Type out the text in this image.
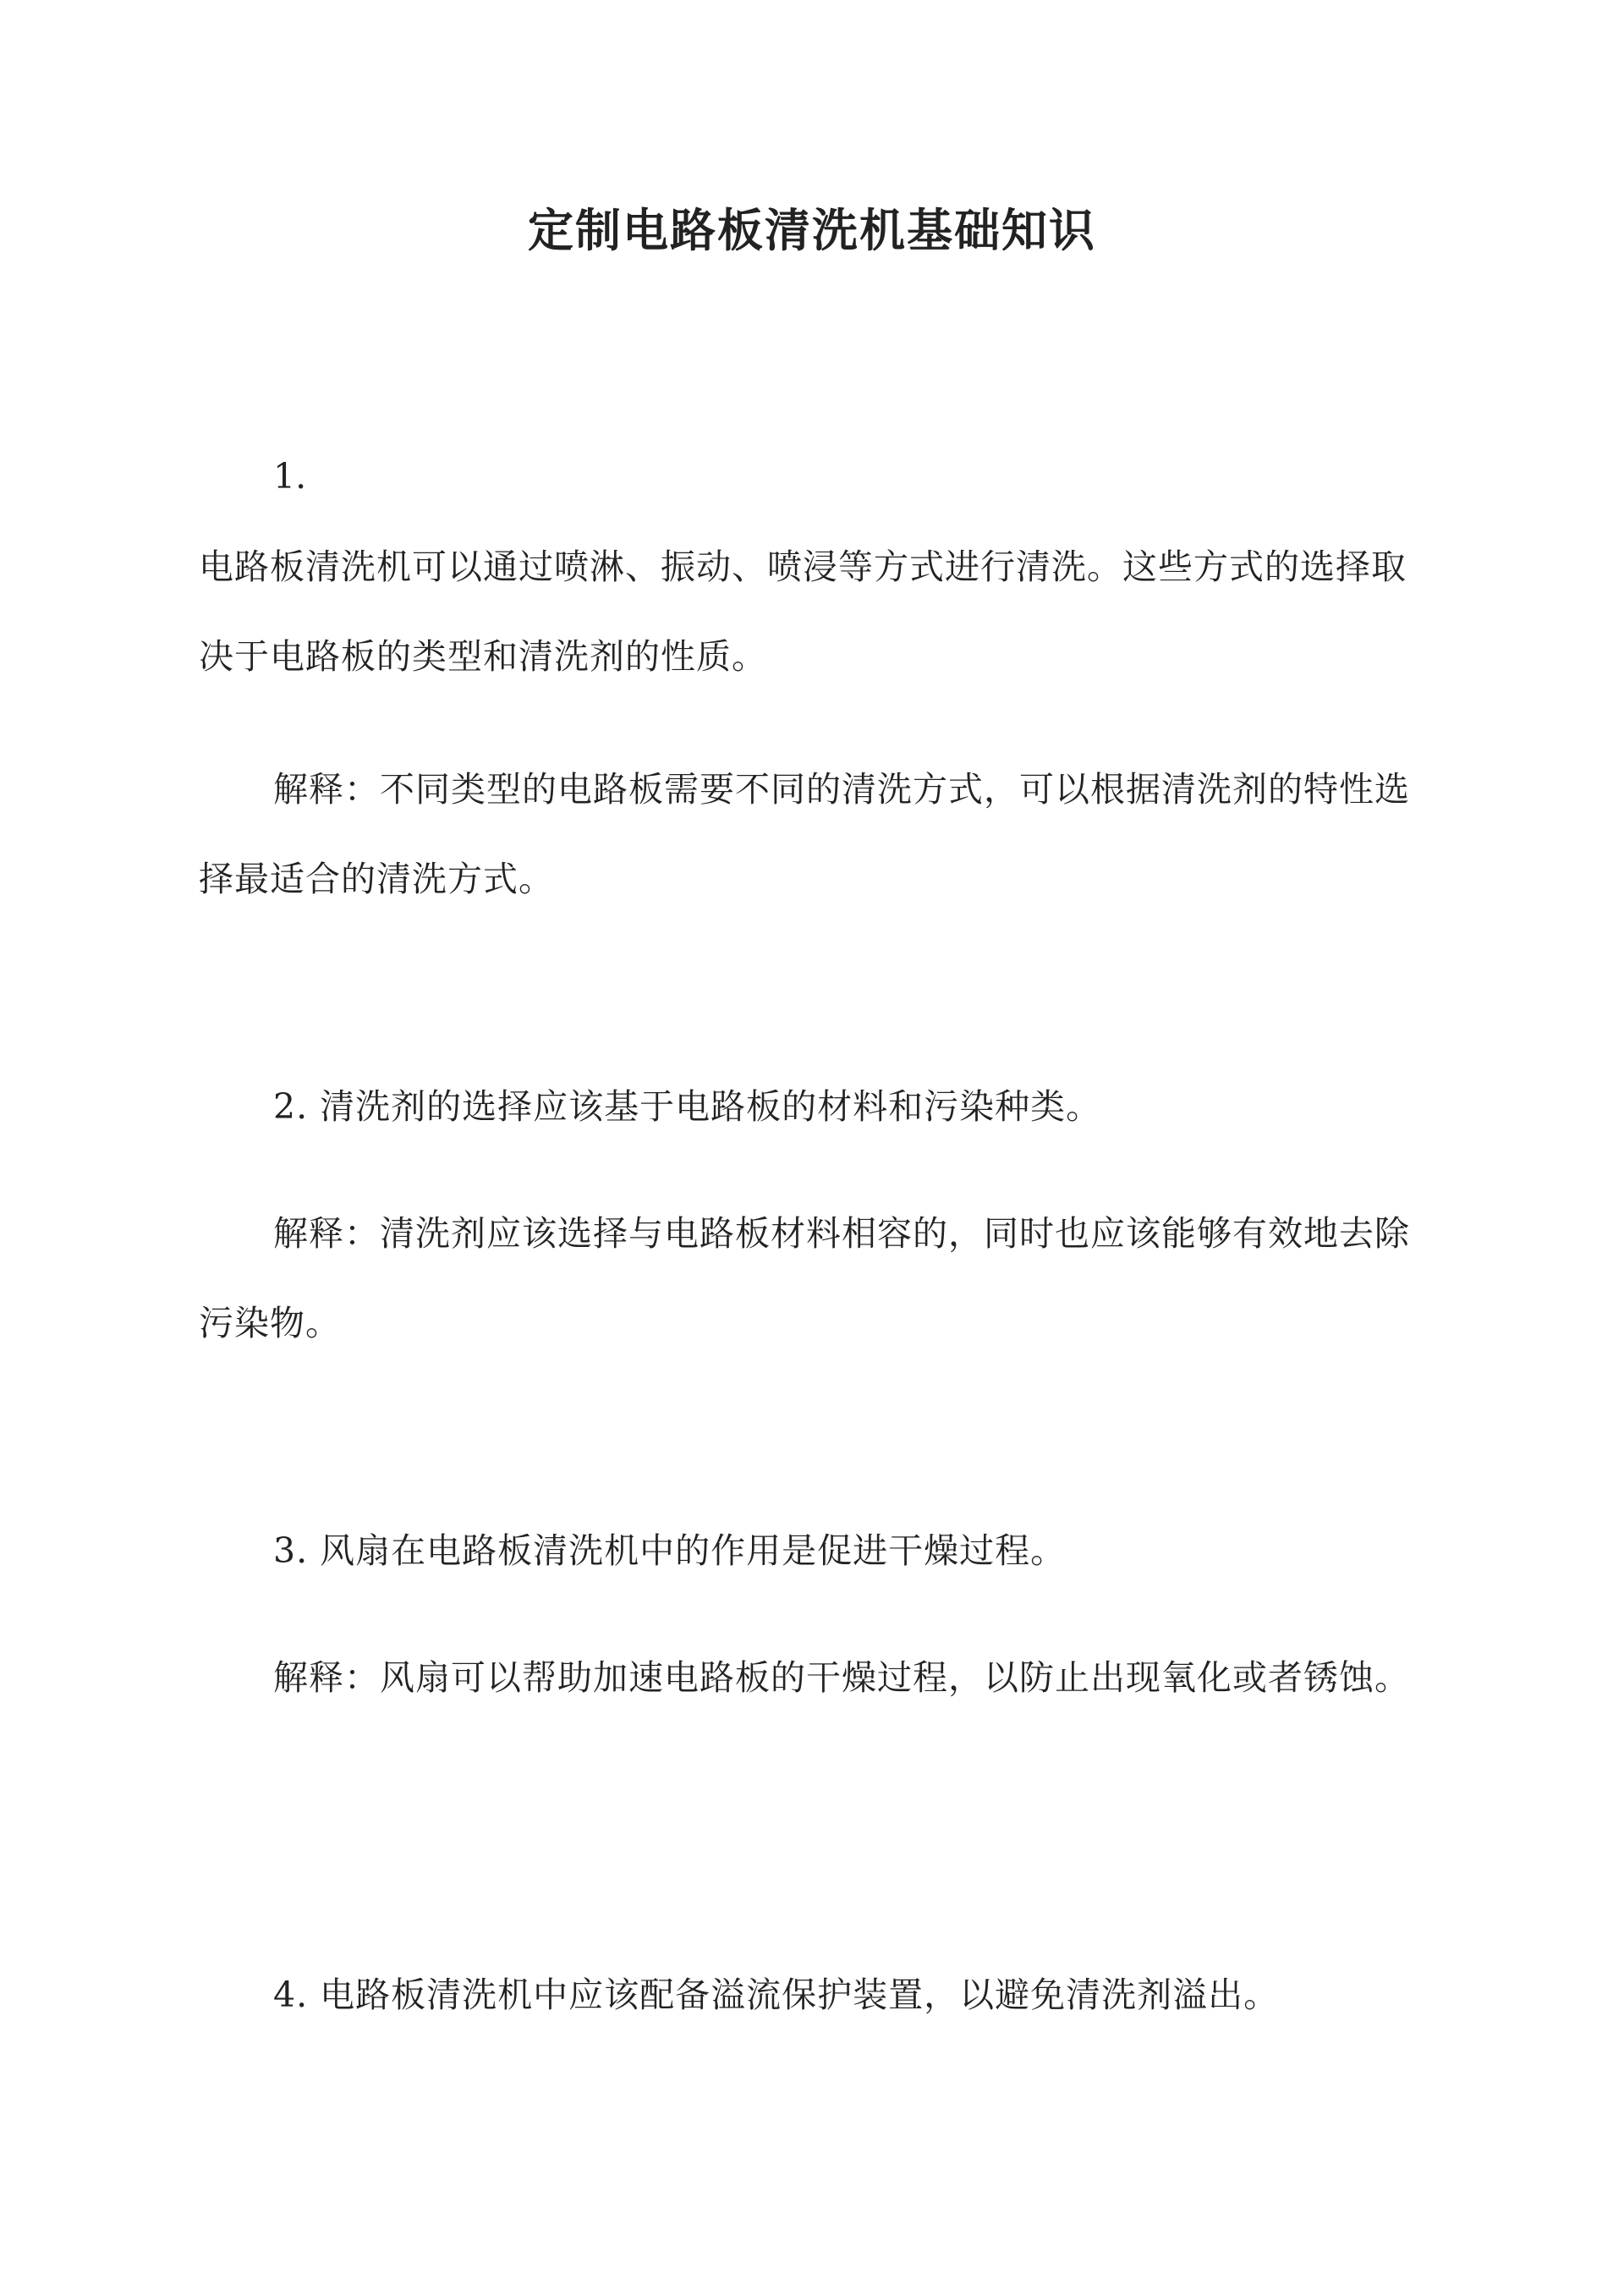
定制电路板清洗机基础知识
1.

电路板清洗机可以通过喷淋、振动、喷浸等方式进行清洗。这些方式的选择取决于电路板的类型和清洗剂的性质。

解释：不同类型的电路板需要不同的清洗方式，可以根据清洗剂的特性选择最适合的清洗方式。

2. 清洗剂的选择应该基于电路板的材料和污染种类。

解释：清洗剂应该选择与电路板材料相容的，同时也应该能够有效地去除污染物。

3. 风扇在电路板清洗机中的作用是促进干燥过程。

解释：风扇可以帮助加速电路板的干燥过程，以防止出现氧化或者锈蚀。

4. 电路板清洗机中应该配备溢流保护装置，以避免清洗剂溢出。
